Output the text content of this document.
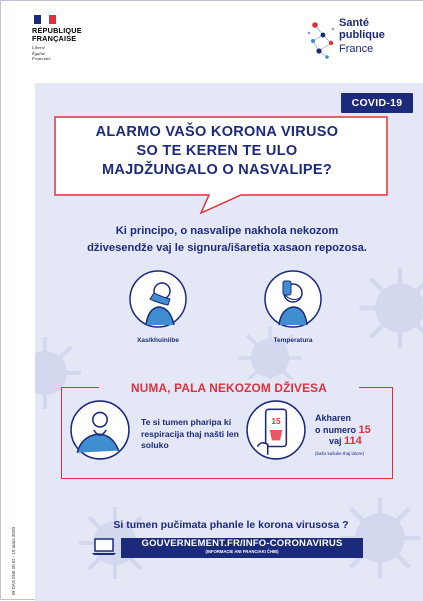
RÉPUBLIQUE
FRANÇAISE
Liberté
Égalité
Fraternité
Santé
publique
France
COVID-19
ALARMO VAŠO KORONA VIRUSO
SO TE KEREN TE ULO
MAJDŽUNGALO O NASVALIPE?
Ki principo, o nasvalipe nakhola nekozom
dživesendže vaj le signura/išaretia xasaon repozosa.
Xas/khuiniibe	Temperatura
NUMA, PALA NEKOZOM DŽIVESA
Te si tumen pharipa ki respiracija thaj našti len soluko
15	Akharen
o numero 15
vaj 114
(bašo kašuke thaj lalore)
Si tumen pučimata phanle le korona virusosa ?
GOUVERNEMENT.FR/INFO-CORONAVIRUS
(INFORMACIE ANI FRANCIAKI ČHIB)
W-DAS 0N0 20 ID - 19 mars 2020
